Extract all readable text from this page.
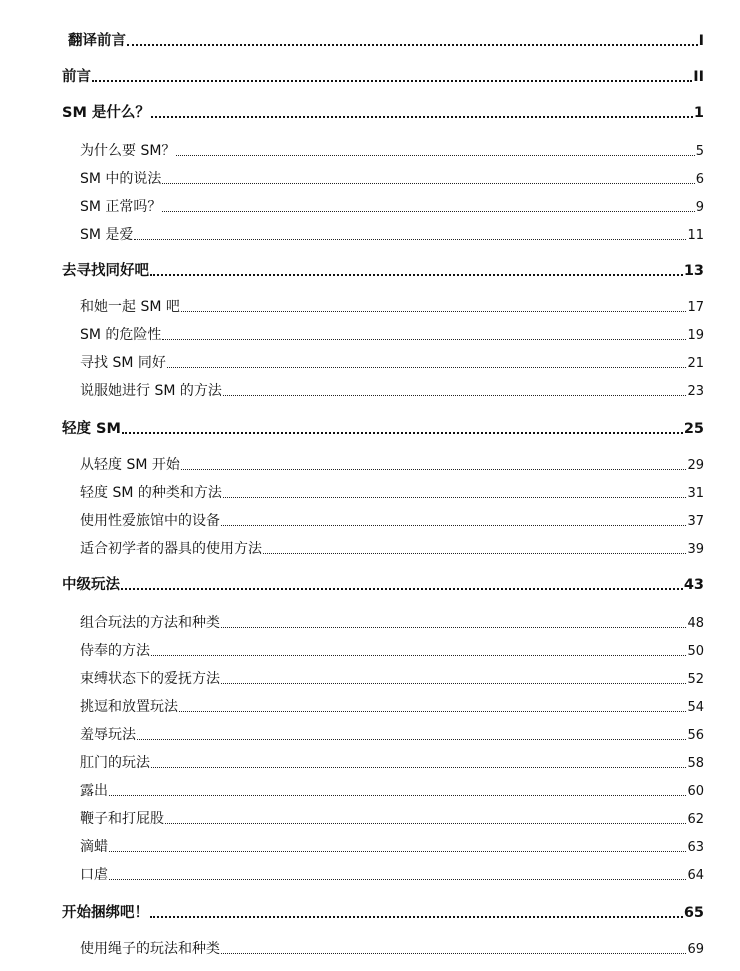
翻译前言	I
前言	II
SM 是什么？	1
为什么要 SM？	5
SM 中的说法	6
SM 正常吗？	9
SM 是爱	11
去寻找同好吧	13
和她一起 SM 吧	17
SM 的危险性	19
寻找 SM 同好	21
说服她进行 SM 的方法	23
轻度 SM	25
从轻度 SM 开始	29
轻度 SM 的种类和方法	31
使用性爱旅馆中的设备	37
适合初学者的器具的使用方法	39
中级玩法	43
组合玩法的方法和种类	48
侍奉的方法	50
束缚状态下的爱抚方法	52
挑逗和放置玩法	54
羞辱玩法	56
肛门的玩法	58
露出	60
鞭子和打屁股	62
滴蜡	63
口虐	64
开始捆绑吧！	65
使用绳子的玩法和种类	69
